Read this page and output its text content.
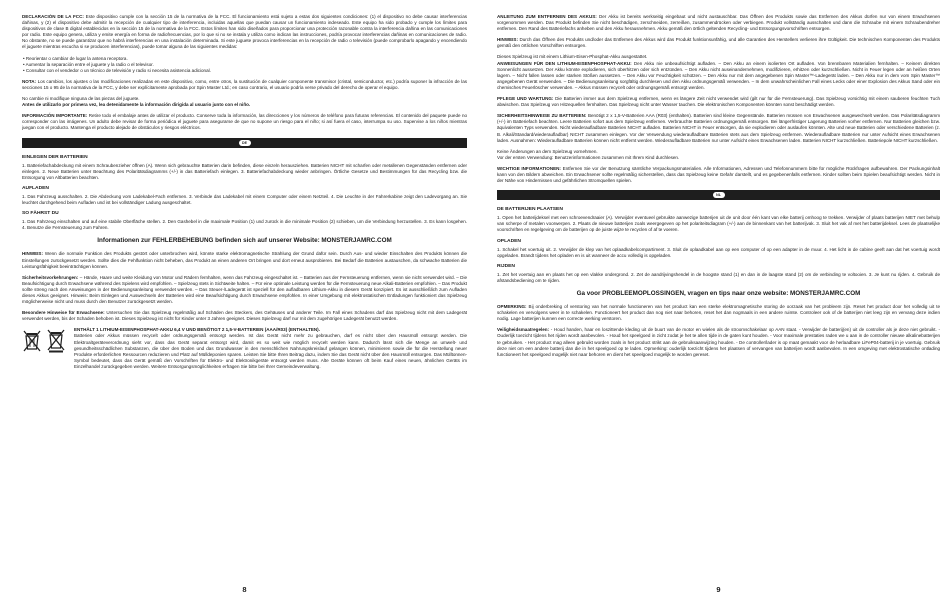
DECLARACIÓN DE LA FCC: Este dispositivo cumple con la sección 15 de la normativa de la FCC. El funcionamiento está sujeto a estas dos siguientes condiciones: (1) el dispositivo no debe causar interferencias dañinas, y (2) el dispositivo debe admitir la recepción de cualquier tipo de interferencia, incluidas aquellas que puedan causar un funcionamiento indeseado. Este equipo ha sido probado y cumple los límites para dispositivos de clase B digital establecidos en la sección 15 de la normativa de la FCC. Estos límites han sido diseñados para proporcionar una protección razonable contra la interferencia dañina en las comunicaciones por radio. Este equipo genera, utiliza y emite energía en forma de radiofrecuencias, por lo que si no se instala y utiliza como indican las instrucciones, podría provocar interferencias dañinas en comunicaciones de radio. No obstante, no se puede garantizar que no habrá interferencias en una instalación determinada. Si este juguete provoca interferencias en la recepción de radio o televisión (puede comprobarlo apagando y encendiendo el juguete mientras escucha si se producen interferencias), puede tomar alguna de las siguientes medidas:

• Reorientar o cambiar de lugar la antena receptora.
• Aumentar la separación entre el juguete y la radio o el televisor.
• Consultar con el vendedor o un técnico de televisión y radio si necesita asistencia adicional.

NOTA: Los cambios, los ajustes o las modificaciones realizadas en este dispositivo, como, entre otros, la sustitución de cualquier componente transmisor (cristal, semiconductor, etc.) podría suponer la infracción de las secciones 15 o 95 de la normativa de la FCC, y debe ser explícitamente aprobada por Spin Master Ltd.; en caso contrario, el usuario podría verse privado del derecho de operar el equipo.

No cambie ni modifique ninguna de las piezas del juguete.

Antes de utilizarlo por primera vez, lea detenidamente la información dirigida al usuario junto con el niño.

INFORMACIÓN IMPORTANTE: Retire todo el embalaje antes de utilizar el producto. Conserve toda la información, las direcciones y los números de teléfono para futuras referencias. El contenido del paquete puede no corresponder con las imágenes. Un adulto debe revisar de forma periódica el juguete para asegurarse de que no supone un riesgo para el niño; si así fuera el caso, interrumpa su uso. Supervise a los niños mientras juegan con el producto. Mantenga el producto alejado de obstáculos y riesgos eléctricos.

DE
EINLEGEN DER BATTERIEN

1. Batteriefachabdeckung mit einem Schraubenzieher öffnen (A). Wenn sich gebrauchte Batterien darin befinden, diese einzeln herausziehen. Batterien NICHT mit scharfen oder metallenen Gegenständen entfernen oder einlegen. 2. Neue Batterien unter Beachtung des Polaritätsdiagramms (+/-) in das Batteriefach einlegen. 3. Batteriefachabdeckung wieder anbringen. Örtliche Gesetze und Bestimmungen für das Recycling bzw. die Entsorgung von Altbatterien beachten.

AUFLADEN

1. Das Fahrzeug ausschalten. 2. Die Abdeckung vom Ladekabel-Fach entfernen. 3. Verbinde das Ladekabel mit einem Computer oder einem Netzteil. 4. Die Leuchte in der Fahrerkabine zeigt den Ladevorgang an. Sie leuchtet durchgehend beim Aufladen und ist bei vollständiger Ladung ausgeschaltet.

SO FÄHRST DU

1. Das Fahrzeug einschalten und auf eine stabile Oberfläche stellen. 2. Den Gashebel in die maximale Position (1) und zurück in die minimale Position (2) schieben, um die Verbindung herzustellen. 3. Es kann losgehen. 4. Benutze die Fernsteuerung zum Fahren.

Informationen zur FEHLERBEHEBUNG befinden sich auf unserer Website: MONSTERJAMRC.COM

HINWEIS: Wenn die normale Funktion des Produkts gestört oder unterbrochen wird, könnte starke elektromagnetische Strahlung der Grund dafür sein. Durch Aus- und wieder Einschalten des Produkts können die Einstellungen zurückgesetzt werden. Sollte dies die Fehlfunktion nicht beheben, das Produkt an einen anderen Ort bringen und dort erneut ausprobieren. Bei Bedarf die Batterien austauschen, da schwache Batterien die Leistungsfähigkeit beeinträchtigen können.

Sicherheitsvorkehrungen: – Hände, Haare und weite Kleidung von Motor und Rädern fernhalten, wenn das Fahrzeug eingeschaltet ist. – Batterien aus der Fernsteuerung entfernen, wenn sie nicht verwendet wird. – Die Beaufsichtigung durch Erwachsene während des Spielens wird empfohlen. – Spielzeug stets in Sichtweite halten. – Für eine optimale Leistung werden für die Fernsteuerung neue Alkali-Batterien empfohlen. – Das Produkt sollte streng nach den Anweisungen in der Bedienungsanleitung verwendet werden. – Das Steuer-/Ladegerät ist speziell für den aufladbaren Lithium-Akku in diesem Gerät konzipiert. Es ist ausschließlich zum Aufladen dieses Akkus geeignet. Hinweis: Beim Einlegen und Auswechseln der Batterien wird eine Beaufsichtigung durch Erwachsene empfohlen. In einer Umgebung mit elektrostatischen Entladungen funktioniert das Spielzeug möglicherweise nicht und muss durch den Benutzer zurückgesetzt werden.

Besondere Hinweise für Erwachsene: Untersuchen Sie das Spielzeug regelmäßig auf Schäden des Steckers, des Gehäuses und anderer Teile. Im Fall eines Schadens darf das Spielzeug nicht mit dem Ladegerät verwendet werden, bis der Schaden behoben ist. Dieses Spielzeug ist nicht für Kinder unter 3 Jahren geeignet. Dieses Spielzeug darf nur mit dem zugehörigen Ladegerät benutzt werden.

ENTHÄLT 1 LITHIUM-EISENPHOSPHAT-AKKU 6,4 V UND BENÖTIGT 2 1,5-V-BATTERIEN (AAA/R03) (ENTHALTEN).

Batterien oder Akkus müssen recycelt oder ordnungsgemäß entsorgt werden. Ist das Gerät nicht mehr zu gebrauchen, darf es nicht über den Hausmüll entsorgt werden. Die Elektroaltgeräteverordnung sieht vor, dass das Gerät separat entsorgt wird, damit es so weit wie möglich recycelt werden kann. Dadurch lässt sich die Menge an umwelt- und gesundheitsschädlichen Substanzen, die über den Boden und das Grundwasser in den menschlichen Nahrungskreislauf gelangen können, minimieren sowie die für die Herstellung neuer Produkte erforderlichen Ressourcen reduzieren und Platz auf Mülldeponien sparen. Leisten Sie bitte Ihren Beitrag dazu, indem Sie das Gerät nicht über den Hausmüll entsorgen. Das Mülltonnen-Symbol bedeutet, dass das Gerät gemäß den Vorschriften für Elektro- und Elektronikgeräte entsorgt werden muss. Alte Geräte können oft beim Kauf eines neuen, ähnlichen Geräts im Einzelhandel zurückgegeben werden. Weitere Entsorgungsmöglichkeiten erfragen Sie bitte bei Ihrer Gemeindeverwaltung.

8

ANLEITUNG ZUM ENTFERNEN DES AKKUS: Der Akku ist bereits werkseitig eingebaut und nicht austauschbar. Das Öffnen des Produkts sowie das Entfernen des Akkus dürfen nur von einem Erwachsenen vorgenommen werden. Das Produkt befinden Sie nicht beschädigen, zerschneiden, zerreißen, zusammendrücken oder verbiegen. Produkt vollständig ausschalten und dann die Schraube mit einem Schraubendreher entfernen. Den Rand des Batteriefachs anheben und den Akku herausnehmen. Akku gemäß den örtlich geltenden Recycling- und Entsorgungsvorschriften entsorgen.

HINWEIS: Durch das Öffnen des Produkts und/oder das Entfernen des Akkus wird das Produkt funktionsunfähig, und alle Garantien des Herstellers verlieren ihre Gültigkeit. Die technischen Komponenten des Produkts gemäß den örtlichen Vorschriften entsorgen.

Dieses Spielzeug ist mit einem Lithium-Eisen-Phosphat-Akku ausgestattet.

ANWEISUNGEN FÜR DEN LITHIUM-EISENPHOSPHAT-AKKU: Den Akku nie unbeaufsichtigt aufladen. – Den Akku an einem isolierten Ort aufladen. Von brennbaren Materialien fernhalten. – Keinem direkten Sonnenlicht aussetzen. Der Akku könnte explodieren, sich überhitzen oder sich entzünden. – Den Akku nicht auseinandernehmen, modifizieren, erhitzen oder kurzschließen. Nicht in Feuer legen oder an heißen Orten lagern. – Nicht fallen lassen oder starken Stößen aussetzen. – Den Akku vor Feuchtigkeit schützen. – Den Akku nur mit dem angegebenen Spin Master™-Ladegerät laden. – Den Akku nur in dem vom Spin Master™ angegebenen Gerät verwenden. – Die Bedienungsanleitung sorgfältig durchlesen und den Akku ordnungsgemäß verwenden. – In dem unwahrscheinlichen Fall eines Lecks oder einer Explosion des Akkus Sand oder ein chemisches Feuerlöscher verwenden. – Akkus müssen recycelt oder ordnungsgemäß entsorgt werden.

PFLEGE UND WARTUNG: Die Batterien immer aus dem Spielzeug entfernen, wenn es längere Zeit nicht verwendet wird (gilt nur für die Fernsteuerung). Das Spielzeug vorsichtig mit einem sauberen feuchten Tuch abwischen. Das Spielzeug von Hitzequellen fernhalten. Das Spielzeug nicht unter Wasser tauchen. Die elektronischen Komponenten könnten sonst beschädigt werden.

SICHERHEITSHINWEISE ZU BATTERIEN: Benötigt 2 x 1,5-V-Batterien AAA (R03) (enthalten). Batterien sind kleine Gegenstände. Batterien müssen von Erwachsenen ausgewechselt werden. Das Polaritätsdiagramm (+/-) im Batteriefach beachten. Leere Batterien sofort aus dem Spielzeug entfernen. Verbrauchte Batterien ordnungsgemäß entsorgen. Bei längerfristiger Lagerung Batterien vorher entfernen. Nur Batterien gleichen bzw. äquivalenten Typs verwenden. Nicht wiederaufladbare Batterien NICHT aufladen. Batterien NICHT in Feuer entsorgen, da sie explodieren oder auslaufen könnten. Alte und neue Batterien oder verschiedene Batterien (z. B. Alkali/Standard/wiederaufladbar) NICHT zusammen einlegen. Vor der Verwendung wiederaufladbare Batterien stets aus dem Spielzeug entfernen. Wiederaufladbare Batterien nur unter Aufsicht eines Erwachsenen laden. Ausnahmen: Wiederaufladbare Batterien können nicht entfernt werden. Wiederaufladbare Batterien nur unter Aufsicht eines Erwachsenen laden. Batterien NICHT kurzschließen. Batteriepole NICHT kurzschließen.

Keine Änderungen an dem Spielzeug vornehmen.

Vor der ersten Verwendung: Benutzerinformationen zusammen mit Ihrem Kind durchlesen.

WICHTIGE INFORMATIONEN: Entfernen Sie vor der Benutzung sämtliche Verpackungsmaterialien. Alle Informationen, Adressen und Telefonnummern bitte für mögliche Rückfragen aufbewahren. Der Packungsinhalt kann von den Bildern abweichen. Ein Erwachsener sollte regelmäßig sicherstellen, dass das Spielzeug keine Gefahr darstellt, und es gegebenenfalls entfernen. Kinder sollten beim Spielen beaufsichtigt werden. Nicht in der Nähe von Hindernissen und gefährlichen Stromquellen spielen.

NL
DE BATTERIJEN PLAATSEN

1. Open het batterijdeksel met een schroevendraaier (A). Verwijder eventueel gebruikte aanwezige batterijen uit de unit door één kant van elke batterij omhoog te trekken. Verwijder of plaats batterijen NIET met behulp van scherpe of metalen voorwerpen. 2. Plaats de nieuwe batterijen zoals weergegeven op het polariteitsdiagram (+/-) aan de binnenkant van het batterijvak. 3. Sluit het vak af met het batterijdeksel. Lees de plaatselijke voorschriften en regelgeving om de batterijen op de juiste wijze te recyclen of af te voeren.

OPLADEN

1. Schakel het voertuig uit. 2. Verwijder de klep van het oplaadkabelcompartiment. 3. Sluit de oplaadkabel aan op een computer of op een adapter in de muur. 4. Het licht in de cabine geeft aan dat het voertuig wordt opgeladen. Brandt tijdens het opladen en is uit wanneer de accu volledig is opgeladen.

RIJDEN

1. Zet het voertuig aan en plaats het op een vlakke ondergrond. 2. Zet de aandrijvingshendel in de hoogste stand (1) en dan in de laagste stand (2) om de verbinding te voltooien. 3. Je kunt nu rijden. 4. Gebruik de afstandsbediening om te rijden.

Ga voor PROBLEEMOPLOSSINGEN, vragen en tips naar onze website: MONSTERJAMRC.COM

OPMERKING: Bij onderbreking of verstoring van het normale functioneren van het product kan een sterke elektromagnetische storing de oorzaak van het probleem zijn. Reset het product door het volledig uit te schakelen en vervolgens weer in te schakelen. Functioneert het product dan nog niet naar behoren, reset het dan nogmaals in een andere ruimte. Controleer ook of de batterijen niet leeg zijn en vervang deze indien nodig. Lage batterijen kunnen een correcte werking verstoren.

Veiligheidsmaatregelen: - Houd handen, haar en loszittende kleding uit de buurt van de motor en wielen als de stroomschakelaar op AAN staat. - Verwijder de batterij(en) uit de controller als je deze niet gebruikt. - Ouderlijk toezicht tijdens het rijden wordt aanbevolen. - Houd het speelgoed in zicht zodat je het te allen tijde in de gaten kunt houden. - Voor maximale prestaties raden we u aan in de controller nieuwe alkalinebatterijen te gebruiken. - Het product mag alleen gebruikt worden zoals in het product strikt aan de gebruiksaanwijzing houden. - De controller/lader is op maat gemaakt voor de herlaadbare LiFeP04-batterij in je voertuig. Gebruik deze niet om een andere batterij dan die in het speelgoed op te laden. Opmerking: ouderlijk toezicht tijdens het plaatsen of vervangen van batterijen wordt aanbevolen. In een omgeving met elektrostatische ontlading functioneert het speelgoed mogelijk niet naar behoren en dient het speelgoed mogelijk te worden gereset.

9
